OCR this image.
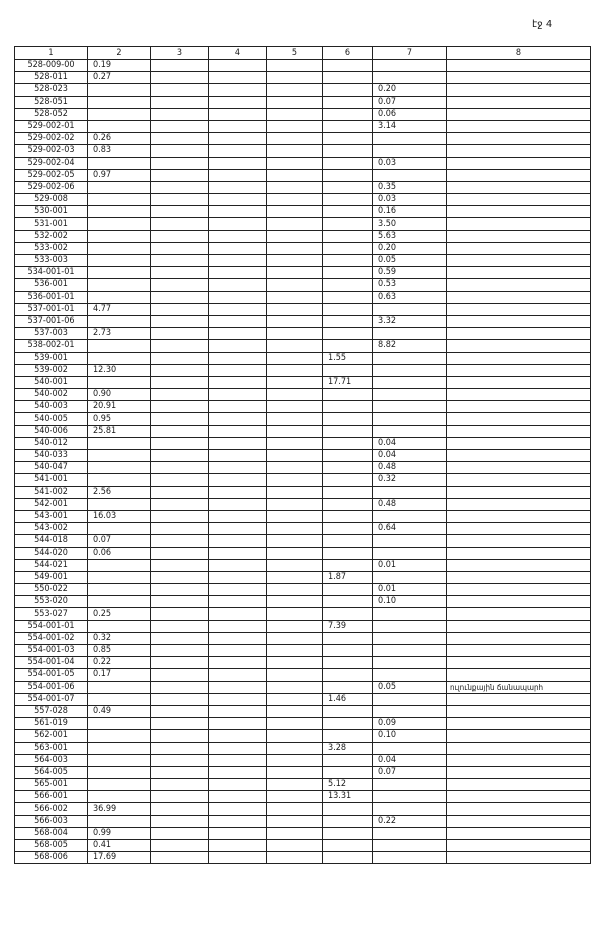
էջ 4
1	2	3	4	5	6	7	8
528-009-00	0.19						
528-011	0.27						
528-023						0.20	
528-051						0.07	
528-052						0.06	
529-002-01						3.14	
529-002-02	0.26						
529-002-03	0.83						
529-002-04						0.03	
529-002-05	0.97						
529-002-06						0.35	
529-008						0.03	
530-001						0.16	
531-001						3.50	
532-002						5.63	
533-002						0.20	
533-003						0.05	
534-001-01						0.59	
536-001						0.53	
536-001-01						0.63	
537-001-01	4.77						
537-001-06						3.32	
537-003	2.73						
538-002-01						8.82	
539-001					1.55		
539-002	12.30						
540-001					17.71		
540-002	0.90						
540-003	20.91						
540-005	0.95						
540-006	25.81						
540-012						0.04	
540-033						0.04	
540-047						0.48	
541-001						0.32	
541-002	2.56						
542-001						0.48	
543-001	16.03						
543-002						0.64	
544-018	0.07						
544-020	0.06						
544-021						0.01	
549-001					1.87		
550-022						0.01	
553-020						0.10	
553-027	0.25						
554-001-01					7.39		
554-001-02	0.32						
554-001-03	0.85						
554-001-04	0.22						
554-001-05	0.17						
554-001-06						0.05	ուլունքային ճանապարհ
554-001-07					1.46		
557-028	0.49						
561-019						0.09	
562-001						0.10	
563-001					3.28		
564-003						0.04	
564-005						0.07	
565-001					5.12		
566-001					13.31		
566-002	36.99						
566-003						0.22	
568-004	0.99						
568-005	0.41						
568-006	17.69						
